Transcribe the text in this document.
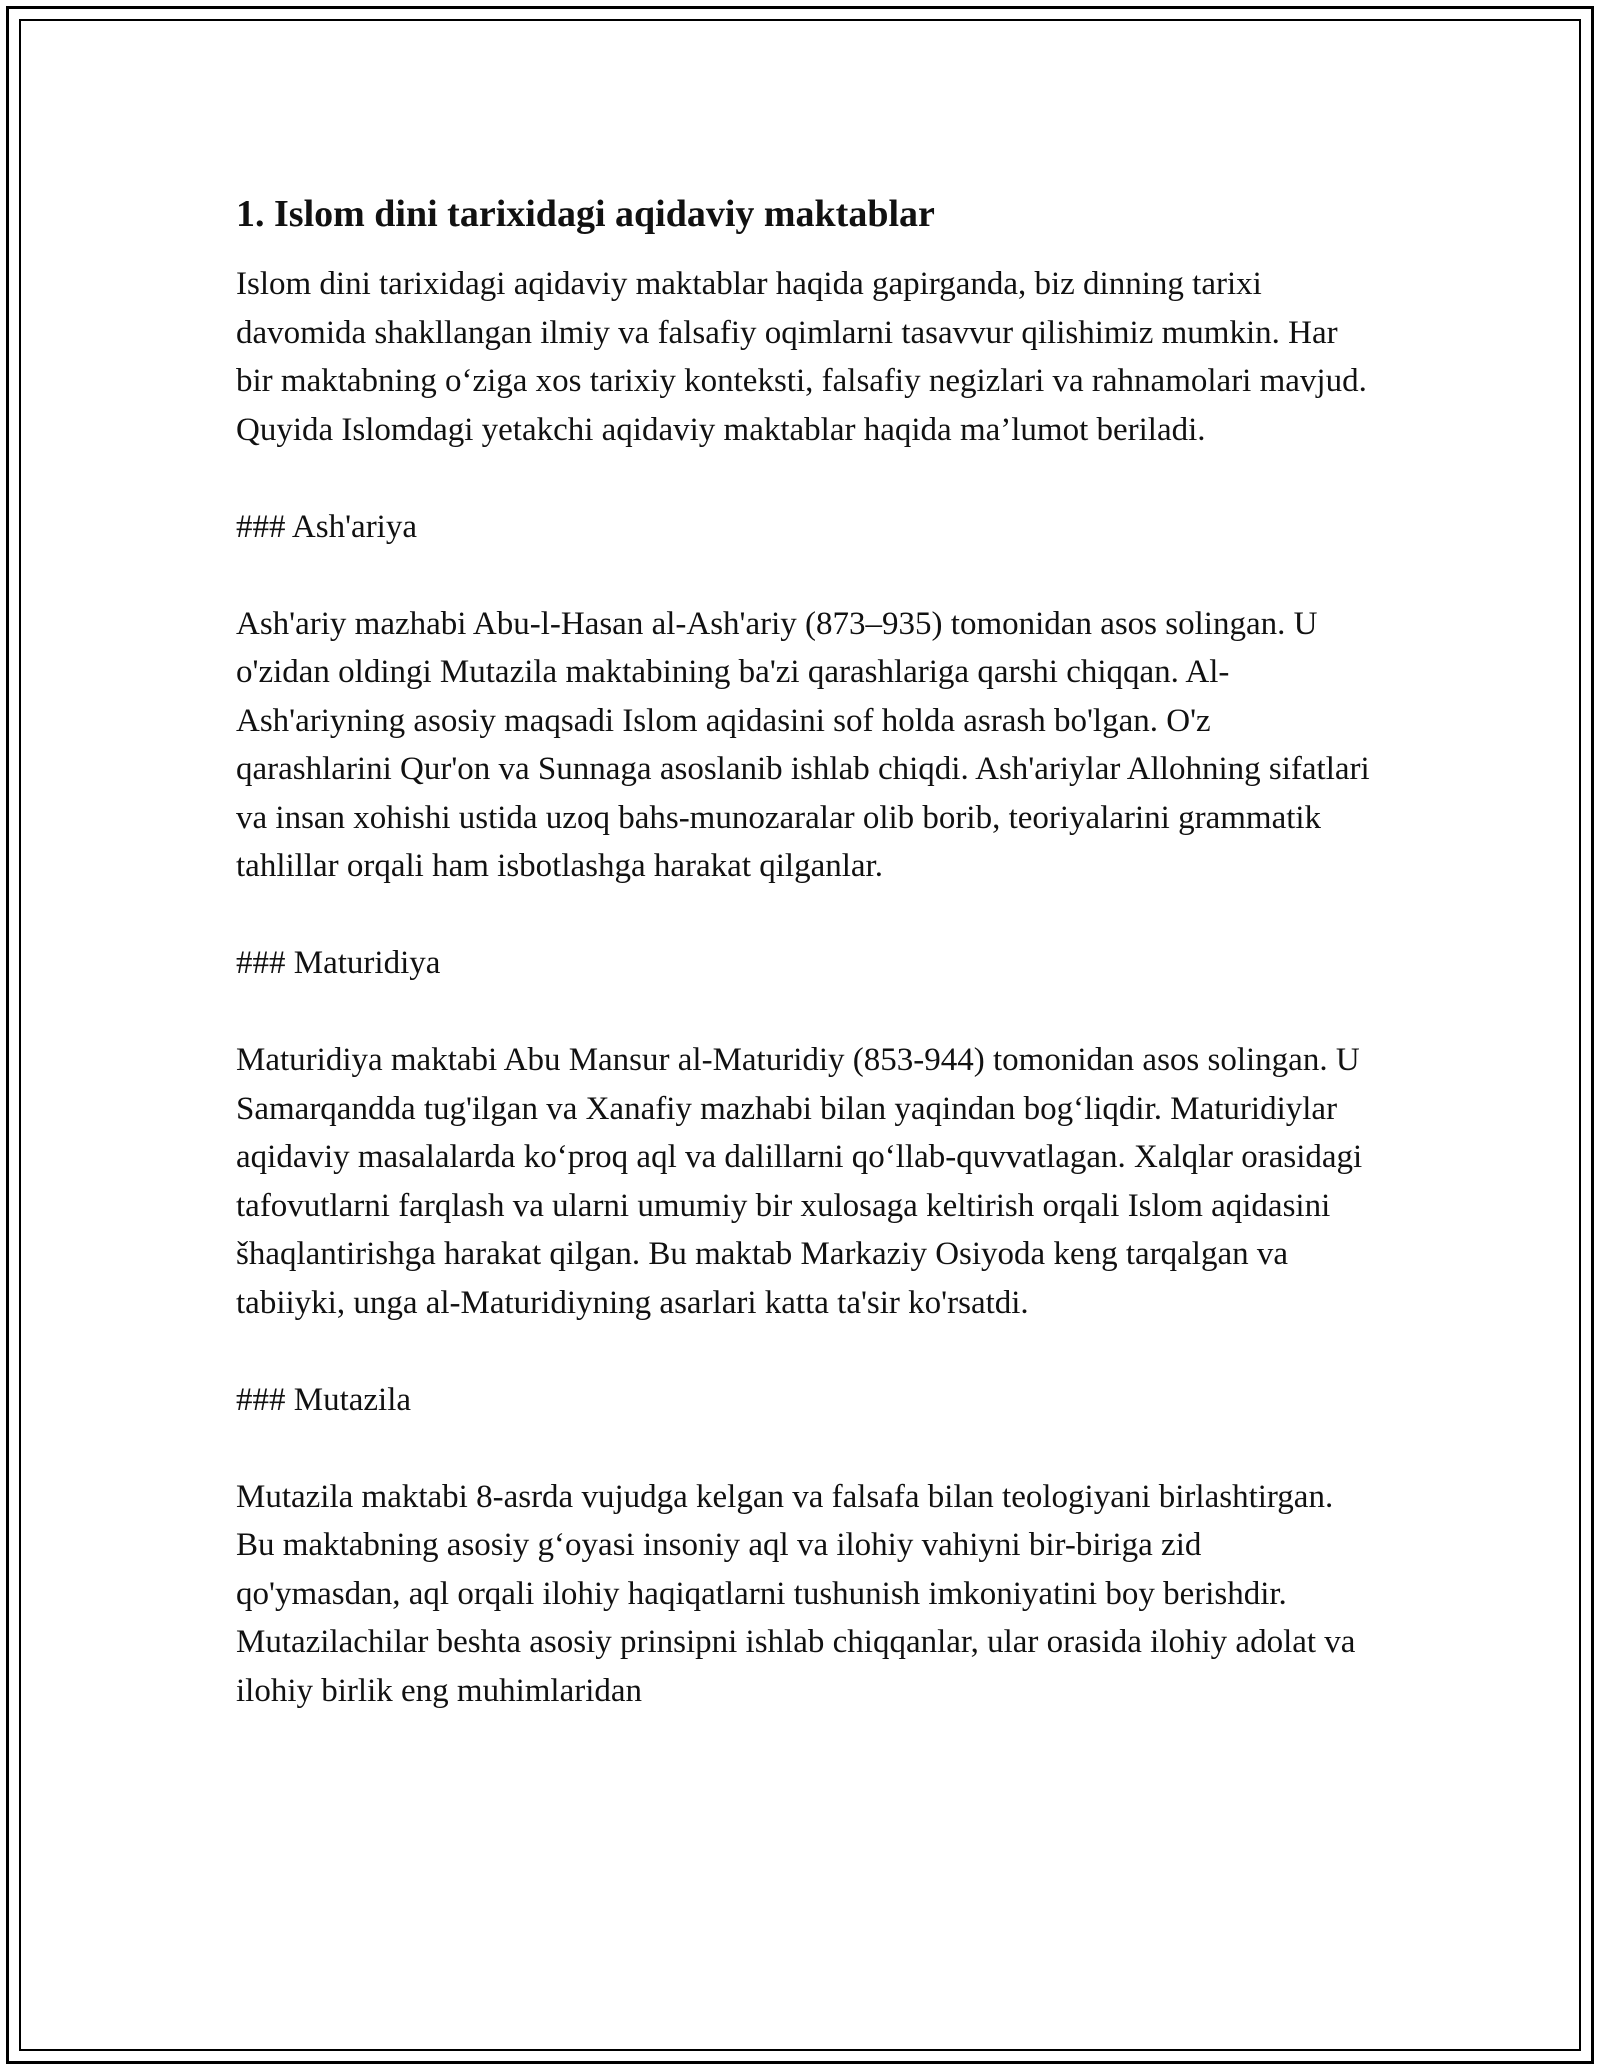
1. Islom dini tarixidagi aqidaviy maktablar

Islom dini tarixidagi aqidaviy maktablar haqida gapirganda, biz dinning tarixi davomida shakllangan ilmiy va falsafiy oqimlarni tasavvur qilishimiz mumkin. Har bir maktabning o‘ziga xos tarixiy konteksti, falsafiy negizlari va rahnamolari mavjud. Quyida Islomdagi yetakchi aqidaviy maktablar haqida ma’lumot beriladi.

### Ash'ariya

Ash'ariy mazhabi Abu-l-Hasan al-Ash'ariy (873–935) tomonidan asos solingan. U o'zidan oldingi Mutazila maktabining ba'zi qarashlariga qarshi chiqqan. Al-Ash'ariyning asosiy maqsadi Islom aqidasini sof holda asrash bo'lgan. O'z qarashlarini Qur'on va Sunnaga asoslanib ishlab chiqdi. Ash'ariylar Allohning sifatlari va insan xohishi ustida uzoq bahs-munozaralar olib borib, teoriyalarini grammatik tahlillar orqali ham isbotlashga harakat qilganlar.

### Maturidiya

Maturidiya maktabi Abu Mansur al-Maturidiy (853-944) tomonidan asos solingan. U Samarqandda tug'ilgan va Xanafiy mazhabi bilan yaqindan bog‘liqdir. Maturidiylar aqidaviy masalalarda ko‘proq aql va dalillarni qo‘llab-quvvatlagan. Xalqlar orasidagi tafovutlarni farqlash va ularni umumiy bir xulosaga keltirish orqali Islom aqidasini šhaqlantirishga harakat qilgan. Bu maktab Markaziy Osiyoda keng tarqalgan va tabiiyki, unga al-Maturidiyning asarlari katta ta'sir ko'rsatdi.

### Mutazila

Mutazila maktabi 8-asrda vujudga kelgan va falsafa bilan teologiyani birlashtirgan. Bu maktabning asosiy g‘oyasi insoniy aql va ilohiy vahiyni bir-biriga zid qo'ymasdan, aql orqali ilohiy haqiqatlarni tushunish imkoniyatini boy berishdir. Mutazilachilar beshta asosiy prinsipni ishlab chiqqanlar, ular orasida ilohiy adolat va ilohiy birlik eng muhimlaridan
